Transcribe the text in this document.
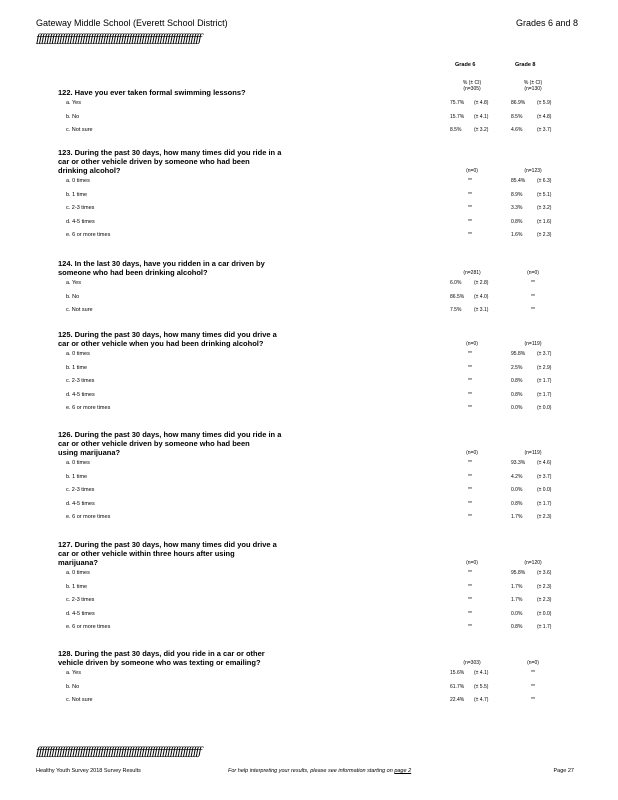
Gateway Middle School (Everett School District)	Grades 6 and 8
ƒƒƒƒƒƒƒƒƒƒƒƒƒƒƒƒƒƒƒƒƒƒƒƒƒƒƒƒƒƒƒƒƒƒƒƒƒƒƒƒƒƒƒƒƒƒƒƒƒƒƒƒƒƒƒƒƒƒƒƒƒƒƒƒ
Grade 6	Grade 8
% (± CI)	% (± CI)
(n=305)	(n=130)
122. Have you ever taken formal swimming lessons?
a. Yes	75.7% (± 4.8)	86.9% (± 5.9)
b. No	15.7% (± 4.1)	8.5%	(± 4.8)
c. Not sure	8.5%	(± 3.2)	4.6%	(± 3.7)
123. During the past 30 days, how many times did you ride in a
car or other vehicle driven by someone who had been
drinking alcohol?	(n=0)	(n=123)
a. 0 times	**	85.4% (± 6.3)
b. 1 time	**	8.9%	(± 5.1)
c. 2-3 times	**	3.3%	(± 3.2)
d. 4-5 times	**	0.8%	(± 1.6)
e. 6 or more times	**	1.6%	(± 2.3)
124. In the last 30 days, have you ridden in a car driven by
someone who had been drinking alcohol?	(n=281)	(n=0)
a. Yes	6.0%	(± 2.8)	**
b. No	86.5% (± 4.0)	**
c. Not sure	7.5%	(± 3.1)	**
125. During the past 30 days, how many times did you drive a
car or other vehicle when you had been drinking alcohol?	(n=0)	(n=119)
a. 0 times	**	95.8% (± 3.7)
b. 1 time	**	2.5%	(± 2.9)
c. 2-3 times	**	0.8%	(± 1.7)
d. 4-5 times	**	0.8%	(± 1.7)
e. 6 or more times	**	0.0%	(± 0.0)
126. During the past 30 days, how many times did you ride in a
car or other vehicle driven by someone who had been
using marijuana?	(n=0)	(n=119)
a. 0 times	**	93.3% (± 4.6)
b. 1 time	**	4.2%	(± 3.7)
c. 2-3 times	**	0.0%	(± 0.0)
d. 4-5 times	**	0.8%	(± 1.7)
e. 6 or more times	**	1.7%	(± 2.3)
127. During the past 30 days, how many times did you drive a
car or other vehicle within three hours after using
marijuana?	(n=0)	(n=120)
a. 0 times	**	95.8% (± 3.6)
b. 1 time	**	1.7%	(± 2.3)
c. 2-3 times	**	1.7%	(± 2.3)
d. 4-5 times	**	0.0%	(± 0.0)
e. 6 or more times	**	0.8%	(± 1.7)
128. During the past 30 days, did you ride in a car or other
vehicle driven by someone who was texting or emailing?	(n=303)	(n=0)
a. Yes	15.6% (± 4.1)	**
b. No	61.7% (± 5.5)	**
c. Not sure	22.4% (± 4.7)	**
ƒƒƒƒƒƒƒƒƒƒƒƒƒƒƒƒƒƒƒƒƒƒƒƒƒƒƒƒƒƒƒƒƒƒƒƒƒƒƒƒƒƒƒƒƒƒƒƒƒƒƒƒƒƒƒƒƒƒƒƒƒƒƒƒ
Healthy Youth Survey 2018 Survey Results	For help interpreting your results, please see information starting on page 2	Page 27
